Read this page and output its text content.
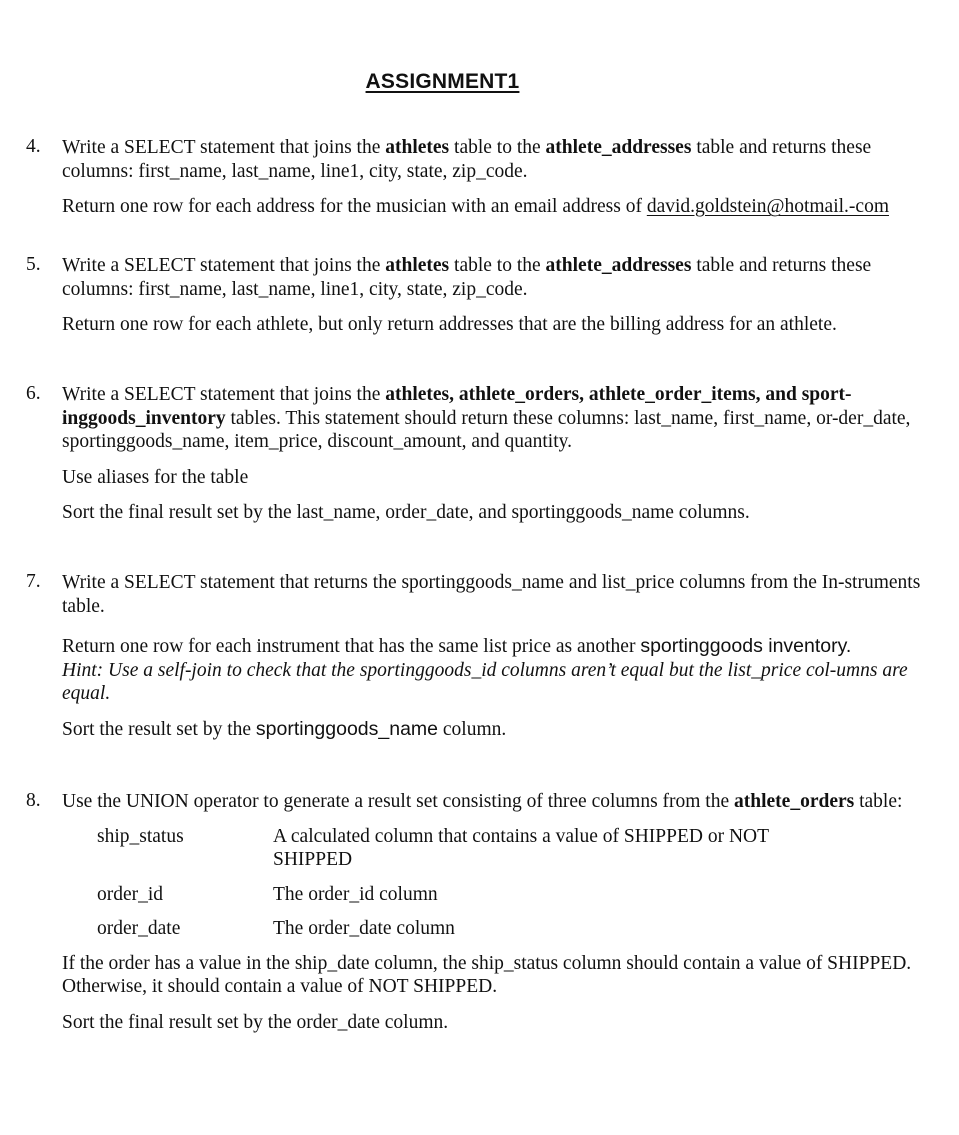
ASSIGNMENT1
4.	Write a SELECT statement that joins the athletes table to the athlete_addresses table and returns these columns: first_name, last_name, line1, city, state, zip_code.

Return one row for each address for the musician with an email address of david.goldstein@hotmail.-com

5.	Write a SELECT statement that joins the athletes table to the athlete_addresses table and returns these columns: first_name, last_name, line1, city, state, zip_code.

Return one row for each athlete, but only return addresses that are the billing address for an athlete.

6.	Write a SELECT statement that joins the athletes, athlete_orders, athlete_order_items, and sport-inggoods_inventory tables. This statement should return these columns: last_name, first_name, or-der_date, sportinggoods_name, item_price, discount_amount, and quantity.

Use aliases for the table

Sort the final result set by the last_name, order_date, and sportinggoods_name columns.

7.	Write a SELECT statement that returns the sportinggoods_name and list_price columns from the In-struments table.

Return one row for each instrument that has the same list price as another sportinggoods inventory.

Hint: Use a self-join to check that the sportinggoods_id columns aren’t equal but the list_price col-umns are equal.

Sort the result set by the sportinggoods_name column.

8.	Use the UNION operator to generate a result set consisting of three columns from the athlete_orders table:

ship_status	A calculated column that contains a value of SHIPPED or NOT SHIPPED
order_id	The order_id column
order_date	The order_date column

If the order has a value in the ship_date column, the ship_status column should contain a value of SHIPPED. Otherwise, it should contain a value of NOT SHIPPED.

Sort the final result set by the order_date column.
